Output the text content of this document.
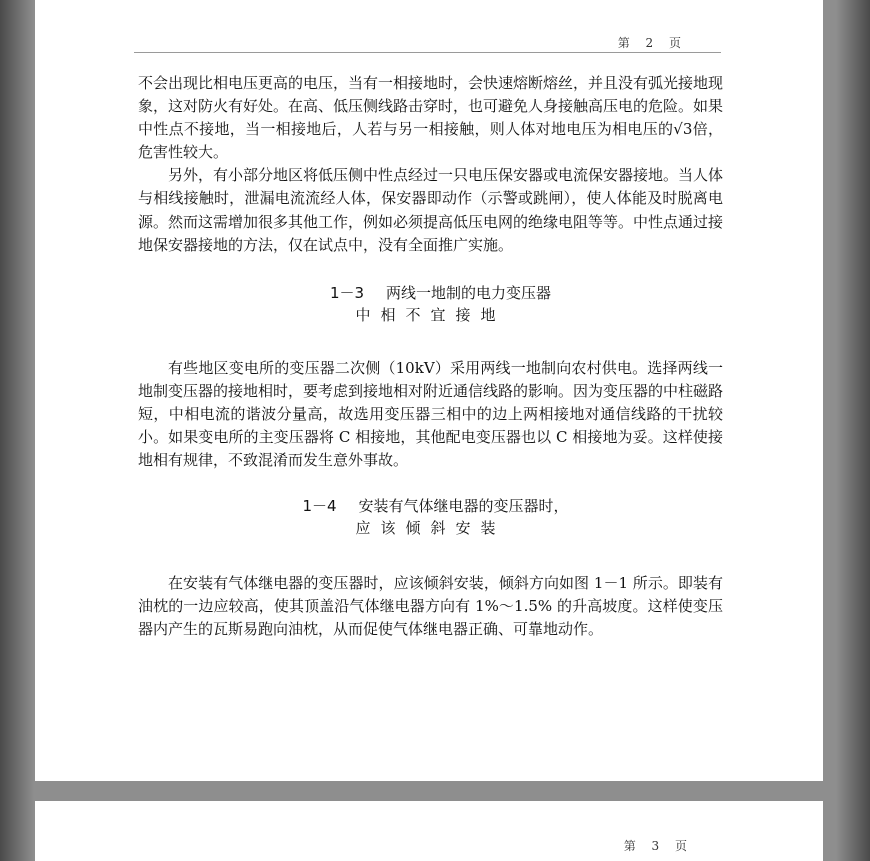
第 2 页

不会出现比相电压更高的电压，当有一相接地时，会快速熔断熔丝，并且没有弧光接地现象，这对防火有好处。在高、低压侧线路击穿时，也可避免人身接触高压电的危险。如果中性点不接地，当一相接地后，人若与另一相接触，则人体对地电压为相电压的√3倍，危害性较大。

另外，有小部分地区将低压侧中性点经过一只电压保安器或电流保安器接地。当人体与相线接触时，泄漏电流流经人体，保安器即动作（示警或跳闸），使人体能及时脱离电源。然而这需增加很多其他工作，例如必须提高低压电网的绝缘电阻等等。中性点通过接地保安器接地的方法，仅在试点中，没有全面推广实施。

1－3 两线一地制的电力变压器
中相不宜接地

有些地区变电所的变压器二次侧（10kV）采用两线一地制向农村供电。选择两线一地制变压器的接地相时，要考虑到接地相对附近通信线路的影响。因为变压器的中柱磁路短，中相电流的谐波分量高，故选用变压器三相中的边上两相接地对通信线路的干扰较小。如果变电所的主变压器将 C 相接地，其他配电变压器也以 C 相接地为妥。这样使接地相有规律，不致混淆而发生意外事故。

1－4 安装有气体继电器的变压器时，
应该倾斜安装

在安装有气体继电器的变压器时，应该倾斜安装，倾斜方向如图 1－1 所示。即装有油枕的一边应较高，使其顶盖沿气体继电器方向有 1%～1.5% 的升高坡度。这样使变压器内产生的瓦斯易跑向油枕，从而促使气体继电器正确、可靠地动作。

第 3 页
